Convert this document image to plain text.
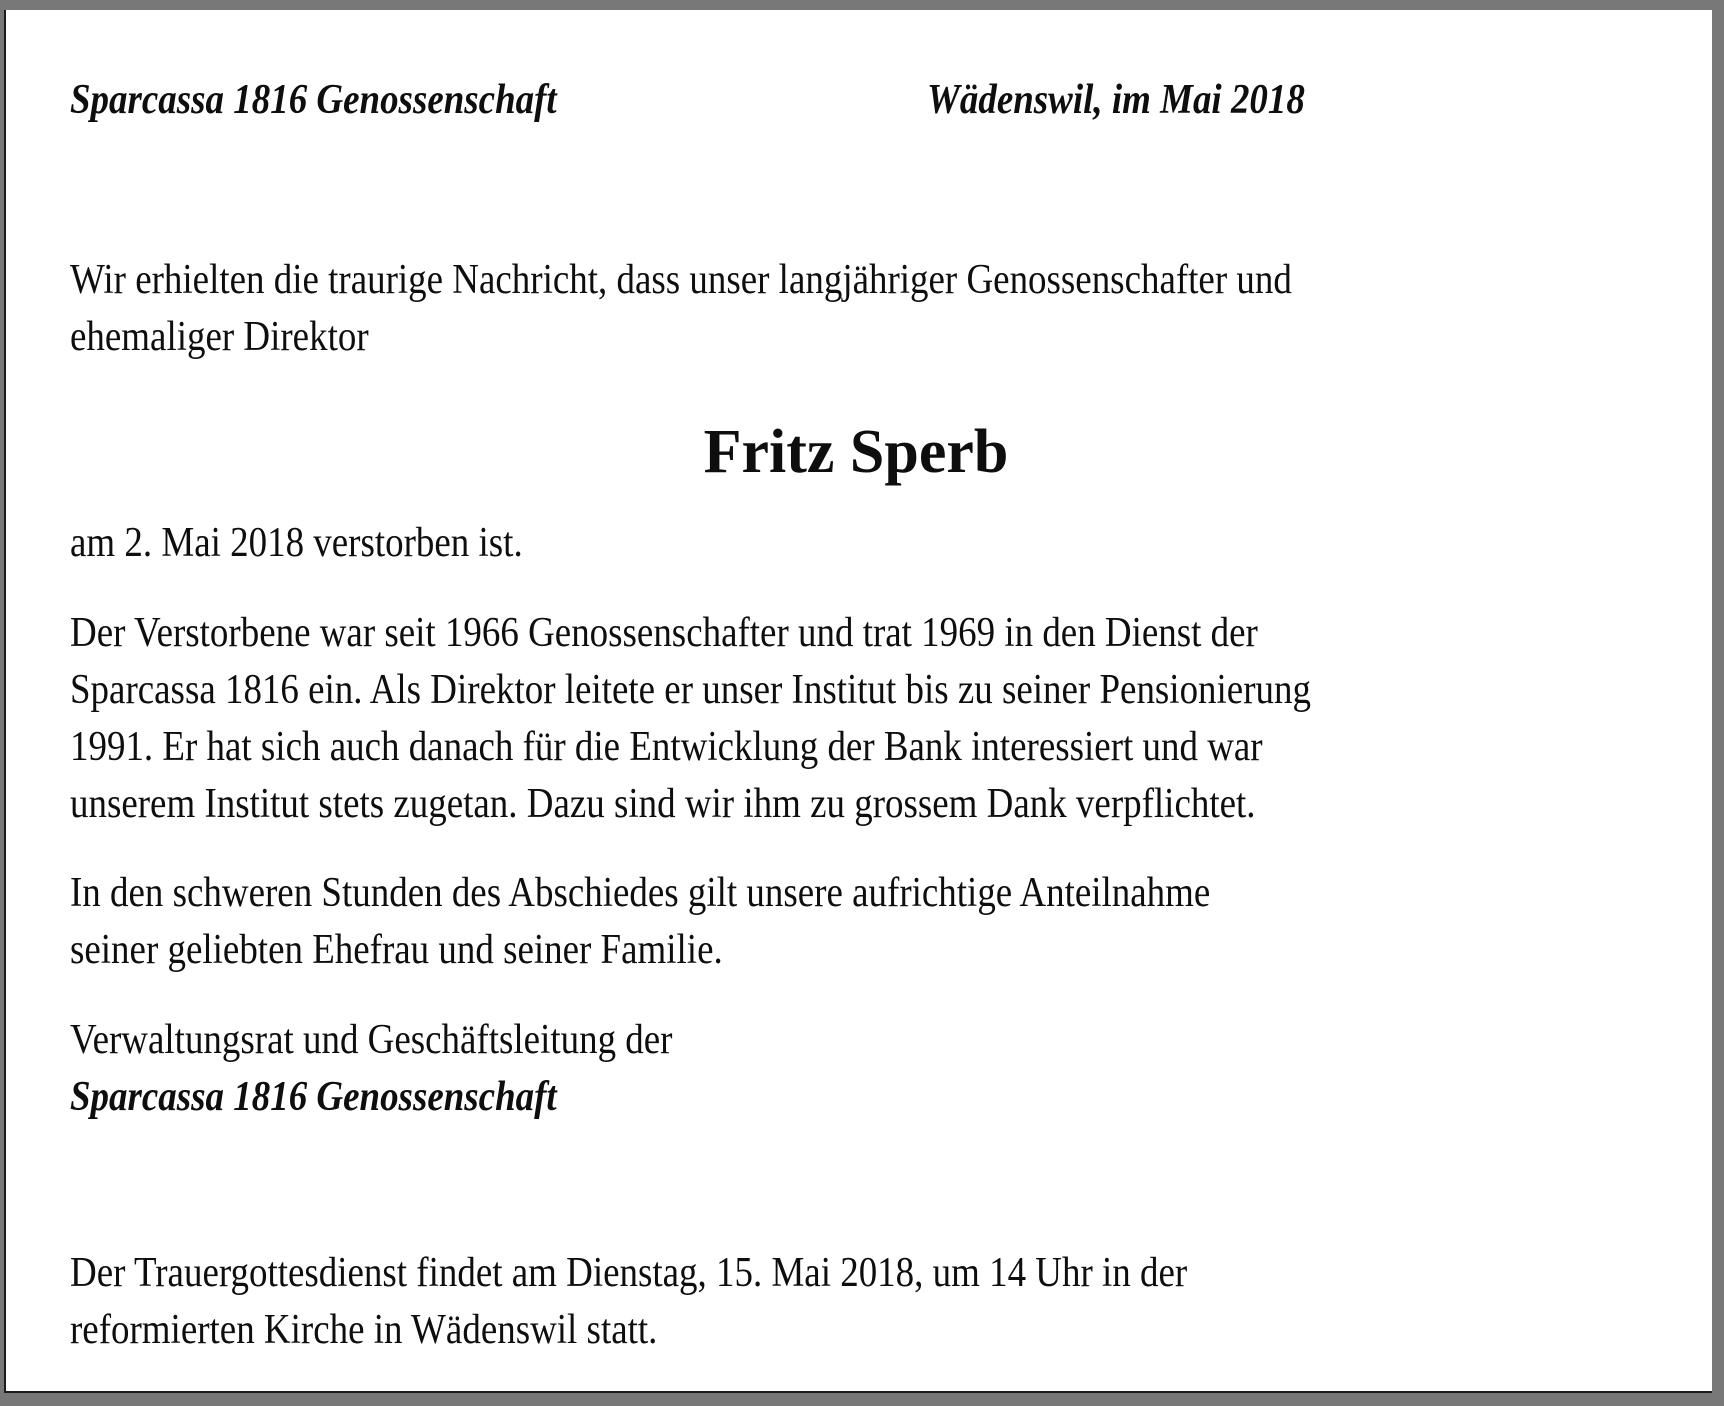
Sparcassa 1816 Genossenschaft	Wädenswil, im Mai 2018
Wir erhielten die traurige Nachricht, dass unser langjähriger Genossenschafter und
ehemaliger Direktor
Fritz Sperb
am 2. Mai 2018 verstorben ist.
Der Verstorbene war seit 1966 Genossenschafter und trat 1969 in den Dienst der
Sparcassa 1816 ein. Als Direktor leitete er unser Institut bis zu seiner Pensionierung
1991. Er hat sich auch danach für die Entwicklung der Bank interessiert und war
unserem Institut stets zugetan. Dazu sind wir ihm zu grossem Dank verpflichtet.
In den schweren Stunden des Abschiedes gilt unsere aufrichtige Anteilnahme
seiner geliebten Ehefrau und seiner Familie.
Verwaltungsrat und Geschäftsleitung der
Sparcassa 1816 Genossenschaft
Der Trauergottesdienst findet am Dienstag, 15. Mai 2018, um 14 Uhr in der
reformierten Kirche in Wädenswil statt.
